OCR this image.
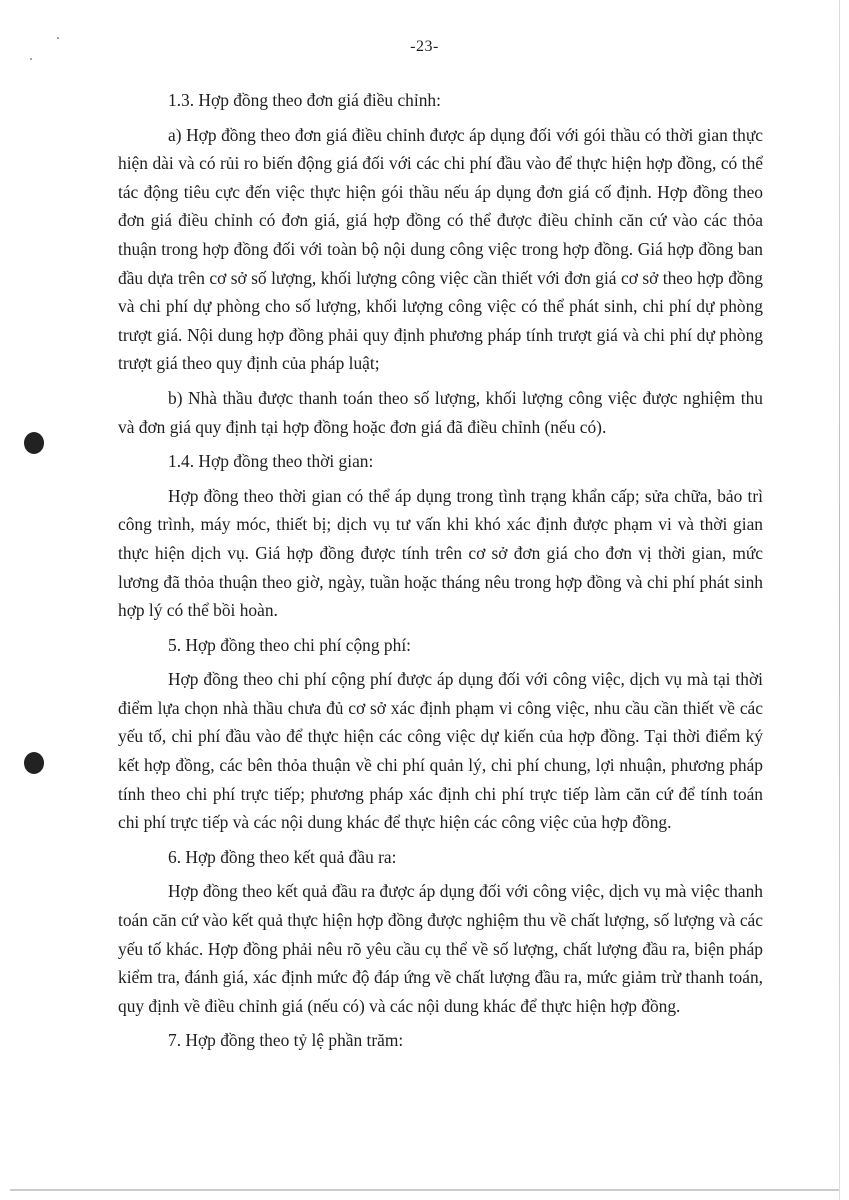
-23-

1.3. Hợp đồng theo đơn giá điều chỉnh:

a) Hợp đồng theo đơn giá điều chỉnh được áp dụng đối với gói thầu có thời gian thực hiện dài và có rủi ro biến động giá đối với các chi phí đầu vào để thực hiện hợp đồng, có thể tác động tiêu cực đến việc thực hiện gói thầu nếu áp dụng đơn giá cố định. Hợp đồng theo đơn giá điều chỉnh có đơn giá, giá hợp đồng có thể được điều chỉnh căn cứ vào các thỏa thuận trong hợp đồng đối với toàn bộ nội dung công việc trong hợp đồng. Giá hợp đồng ban đầu dựa trên cơ sở số lượng, khối lượng công việc cần thiết với đơn giá cơ sở theo hợp đồng và chi phí dự phòng cho số lượng, khối lượng công việc có thể phát sinh, chi phí dự phòng trượt giá. Nội dung hợp đồng phải quy định phương pháp tính trượt giá và chi phí dự phòng trượt giá theo quy định của pháp luật;

b) Nhà thầu được thanh toán theo số lượng, khối lượng công việc được nghiệm thu và đơn giá quy định tại hợp đồng hoặc đơn giá đã điều chỉnh (nếu có).

1.4. Hợp đồng theo thời gian:

Hợp đồng theo thời gian có thể áp dụng trong tình trạng khẩn cấp; sửa chữa, bảo trì công trình, máy móc, thiết bị; dịch vụ tư vấn khi khó xác định được phạm vi và thời gian thực hiện dịch vụ. Giá hợp đồng được tính trên cơ sở đơn giá cho đơn vị thời gian, mức lương đã thỏa thuận theo giờ, ngày, tuần hoặc tháng nêu trong hợp đồng và chi phí phát sinh hợp lý có thể bồi hoàn.

5. Hợp đồng theo chi phí cộng phí:

Hợp đồng theo chi phí cộng phí được áp dụng đối với công việc, dịch vụ mà tại thời điểm lựa chọn nhà thầu chưa đủ cơ sở xác định phạm vi công việc, nhu cầu cần thiết về các yếu tố, chi phí đầu vào để thực hiện các công việc dự kiến của hợp đồng. Tại thời điểm ký kết hợp đồng, các bên thỏa thuận về chi phí quản lý, chi phí chung, lợi nhuận, phương pháp tính theo chi phí trực tiếp; phương pháp xác định chi phí trực tiếp làm căn cứ để tính toán chi phí trực tiếp và các nội dung khác để thực hiện các công việc của hợp đồng.

6. Hợp đồng theo kết quả đầu ra:

Hợp đồng theo kết quả đầu ra được áp dụng đối với công việc, dịch vụ mà việc thanh toán căn cứ vào kết quả thực hiện hợp đồng được nghiệm thu về chất lượng, số lượng và các yếu tố khác. Hợp đồng phải nêu rõ yêu cầu cụ thể về số lượng, chất lượng đầu ra, biện pháp kiểm tra, đánh giá, xác định mức độ đáp ứng về chất lượng đầu ra, mức giảm trừ thanh toán, quy định về điều chỉnh giá (nếu có) và các nội dung khác để thực hiện hợp đồng.

7. Hợp đồng theo tỷ lệ phần trăm:
